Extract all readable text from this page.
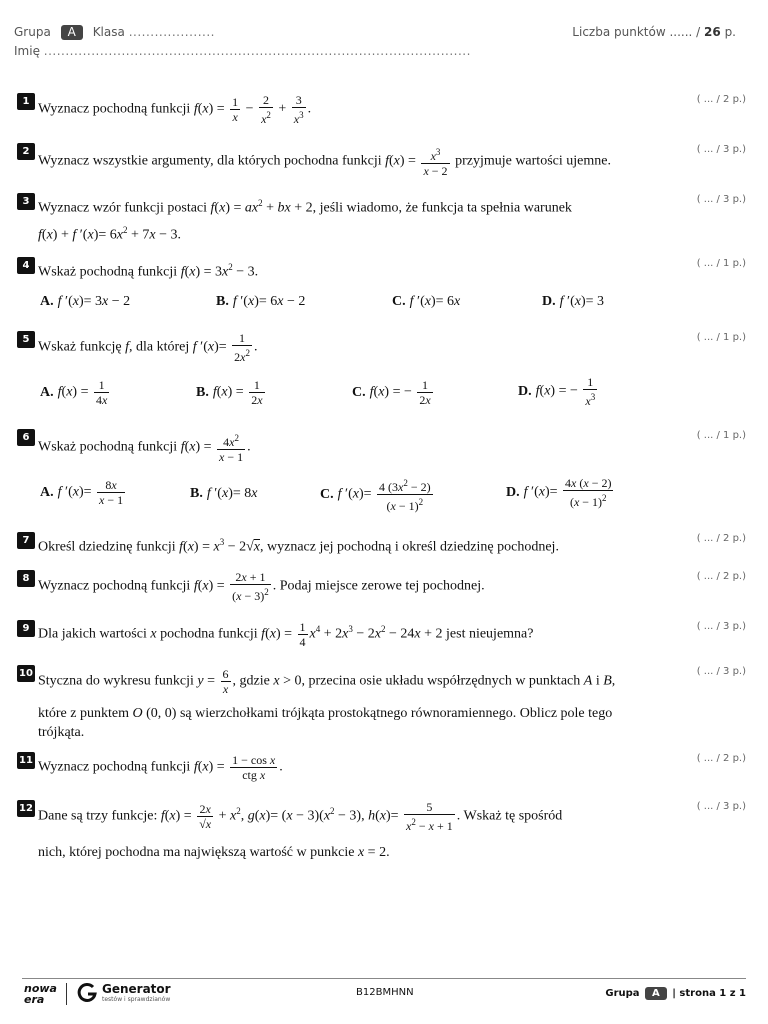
Grupa A Klasa ....................	Liczba punktów ...... / 26 p.
Imię ...................................................................................................
1	( ... / 2 p.)
Wyznacz pochodną funkcji $f(x) = \frac{1}{x} - \frac{2}{x^2} + \frac{3}{x^3}$ .
2	( ... / 3 p.)
Wyznacz wszystkie argumenty, dla których pochodna funkcji $f(x) = \frac{x^3}{x - 2}$ przyjmuje wartości ujemne.
3	( ... / 3 p.)
Wyznacz wzór funkcji postaci $f(x) = ax^2$ + bx + 2, jeśli wiadomo, że funkcja ta spełnia warunek
f(x) + f $'(x)= 6x^2 + 7x - 3$.
4	( ... / 1 p.)
Wskaż pochodną funkcji $f(x) = 3x^2 - 3$.
A. f ′(x)= 3x − 2	B. f ′(x)= 6x − 2	C. f ′(x)= 6x	D. f ′(x)= 3
5	( ... / 1 p.)
Wskaż funkcję f, dla której f $'(x)= \frac{1}{2x^2}$ .
A. $f(x) = \frac{1}{4x}$	B. $f(x) = \frac{1}{2x}$	C. f(x) = − $\frac{1}{2x}$	D. f(x) = − $\frac{1}{x^3}$
6	( ... / 1 p.)
Wskaż pochodną funkcji $f(x) = \frac{4x^2}{x - 1}$ .
A. f $'(x)= \frac{8x}{x - 1}$	B. f ′(x)= 8x	C. f $'(x)= \frac{4 (3x^2 - 2)}{(x - 1)^2}$	D. f $'(x)= \frac{4x (x - 2)}{(x - 1)^2}$
7	( ... / 2 p.)
Określ dziedzinę funkcji $f(x) = x^3 - 2√x$, wyznacz jej pochodną i określ dziedzinę pochodnej.
8	( ... / 2 p.)
Wyznacz pochodną funkcji $f(x) = \frac{2x + 1}{(x - 3)^2}$ . Podaj miejsce zerowe tej pochodnej.
9	( ... / 3 p.)
Dla jakich wartości x pochodna funkcji $f(x) = \frac{1}{4} x^4 + 2x^3 - 2x^2 - 24x + 2$ jest nieujemna?
10	( ... / 3 p.)
Styczna do wykresu funkcji $y = \frac{6}{x}$ , gdzie x > 0, przecina osie układu współrzędnych w punktach A i B,
które z punktem O (0, 0) są wierzchołkami trójkąta prostokątnego równoramiennego. Oblicz pole tego
trójkąta.
11	( ... / 2 p.)
Wyznacz pochodną funkcji f(x) = 1 − cos x
ctg x
.
12	( ... / 3 p.)
Dane są trzy funkcje: $f(x) = \frac{2x}{√x} + x^2$, $g(x)= (x - 3)(x^2 - 3)$, $h(x)= \frac{5}{x^2 - x + 1}$ . Wskaż tę spośród
nich, której pochodna ma największą wartość w punkcie x = 2.
nowa era
Generator
testów i sprawdzianów
B12BMHNN	Grupa A | strona 1 z 1
